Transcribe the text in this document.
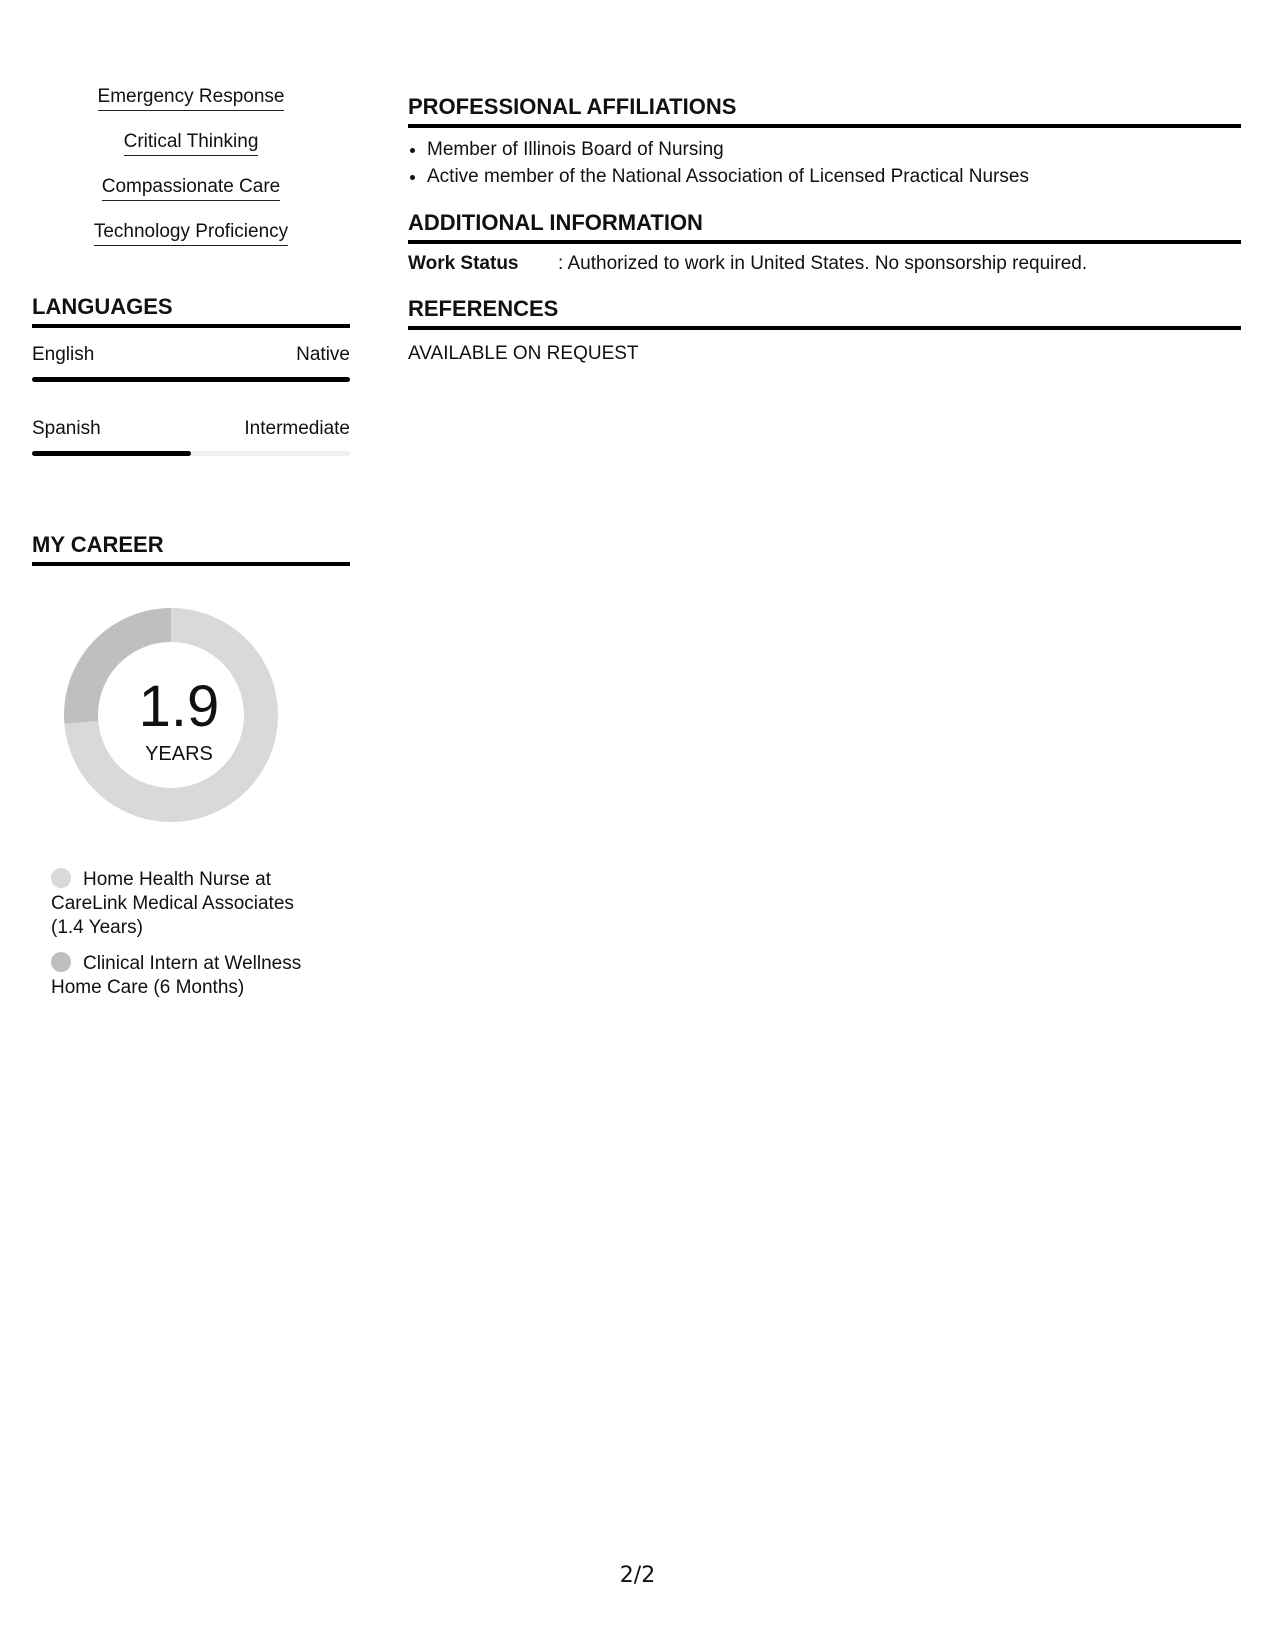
Emergency Response
Critical Thinking
Compassionate Care
Technology Proficiency
LANGUAGES
English	Native
Spanish	Intermediate
MY CAREER
1.9
YEARS
Home Health Nurse at CareLink Medical Associates (1.4 Years)
Clinical Intern at Wellness Home Care (6 Months)
PROFESSIONAL AFFILIATIONS
• Member of Illinois Board of Nursing
• Active member of the National Association of Licensed Practical Nurses
ADDITIONAL INFORMATION
Work Status	: Authorized to work in United States. No sponsorship required.
REFERENCES
AVAILABLE ON REQUEST
2/2
